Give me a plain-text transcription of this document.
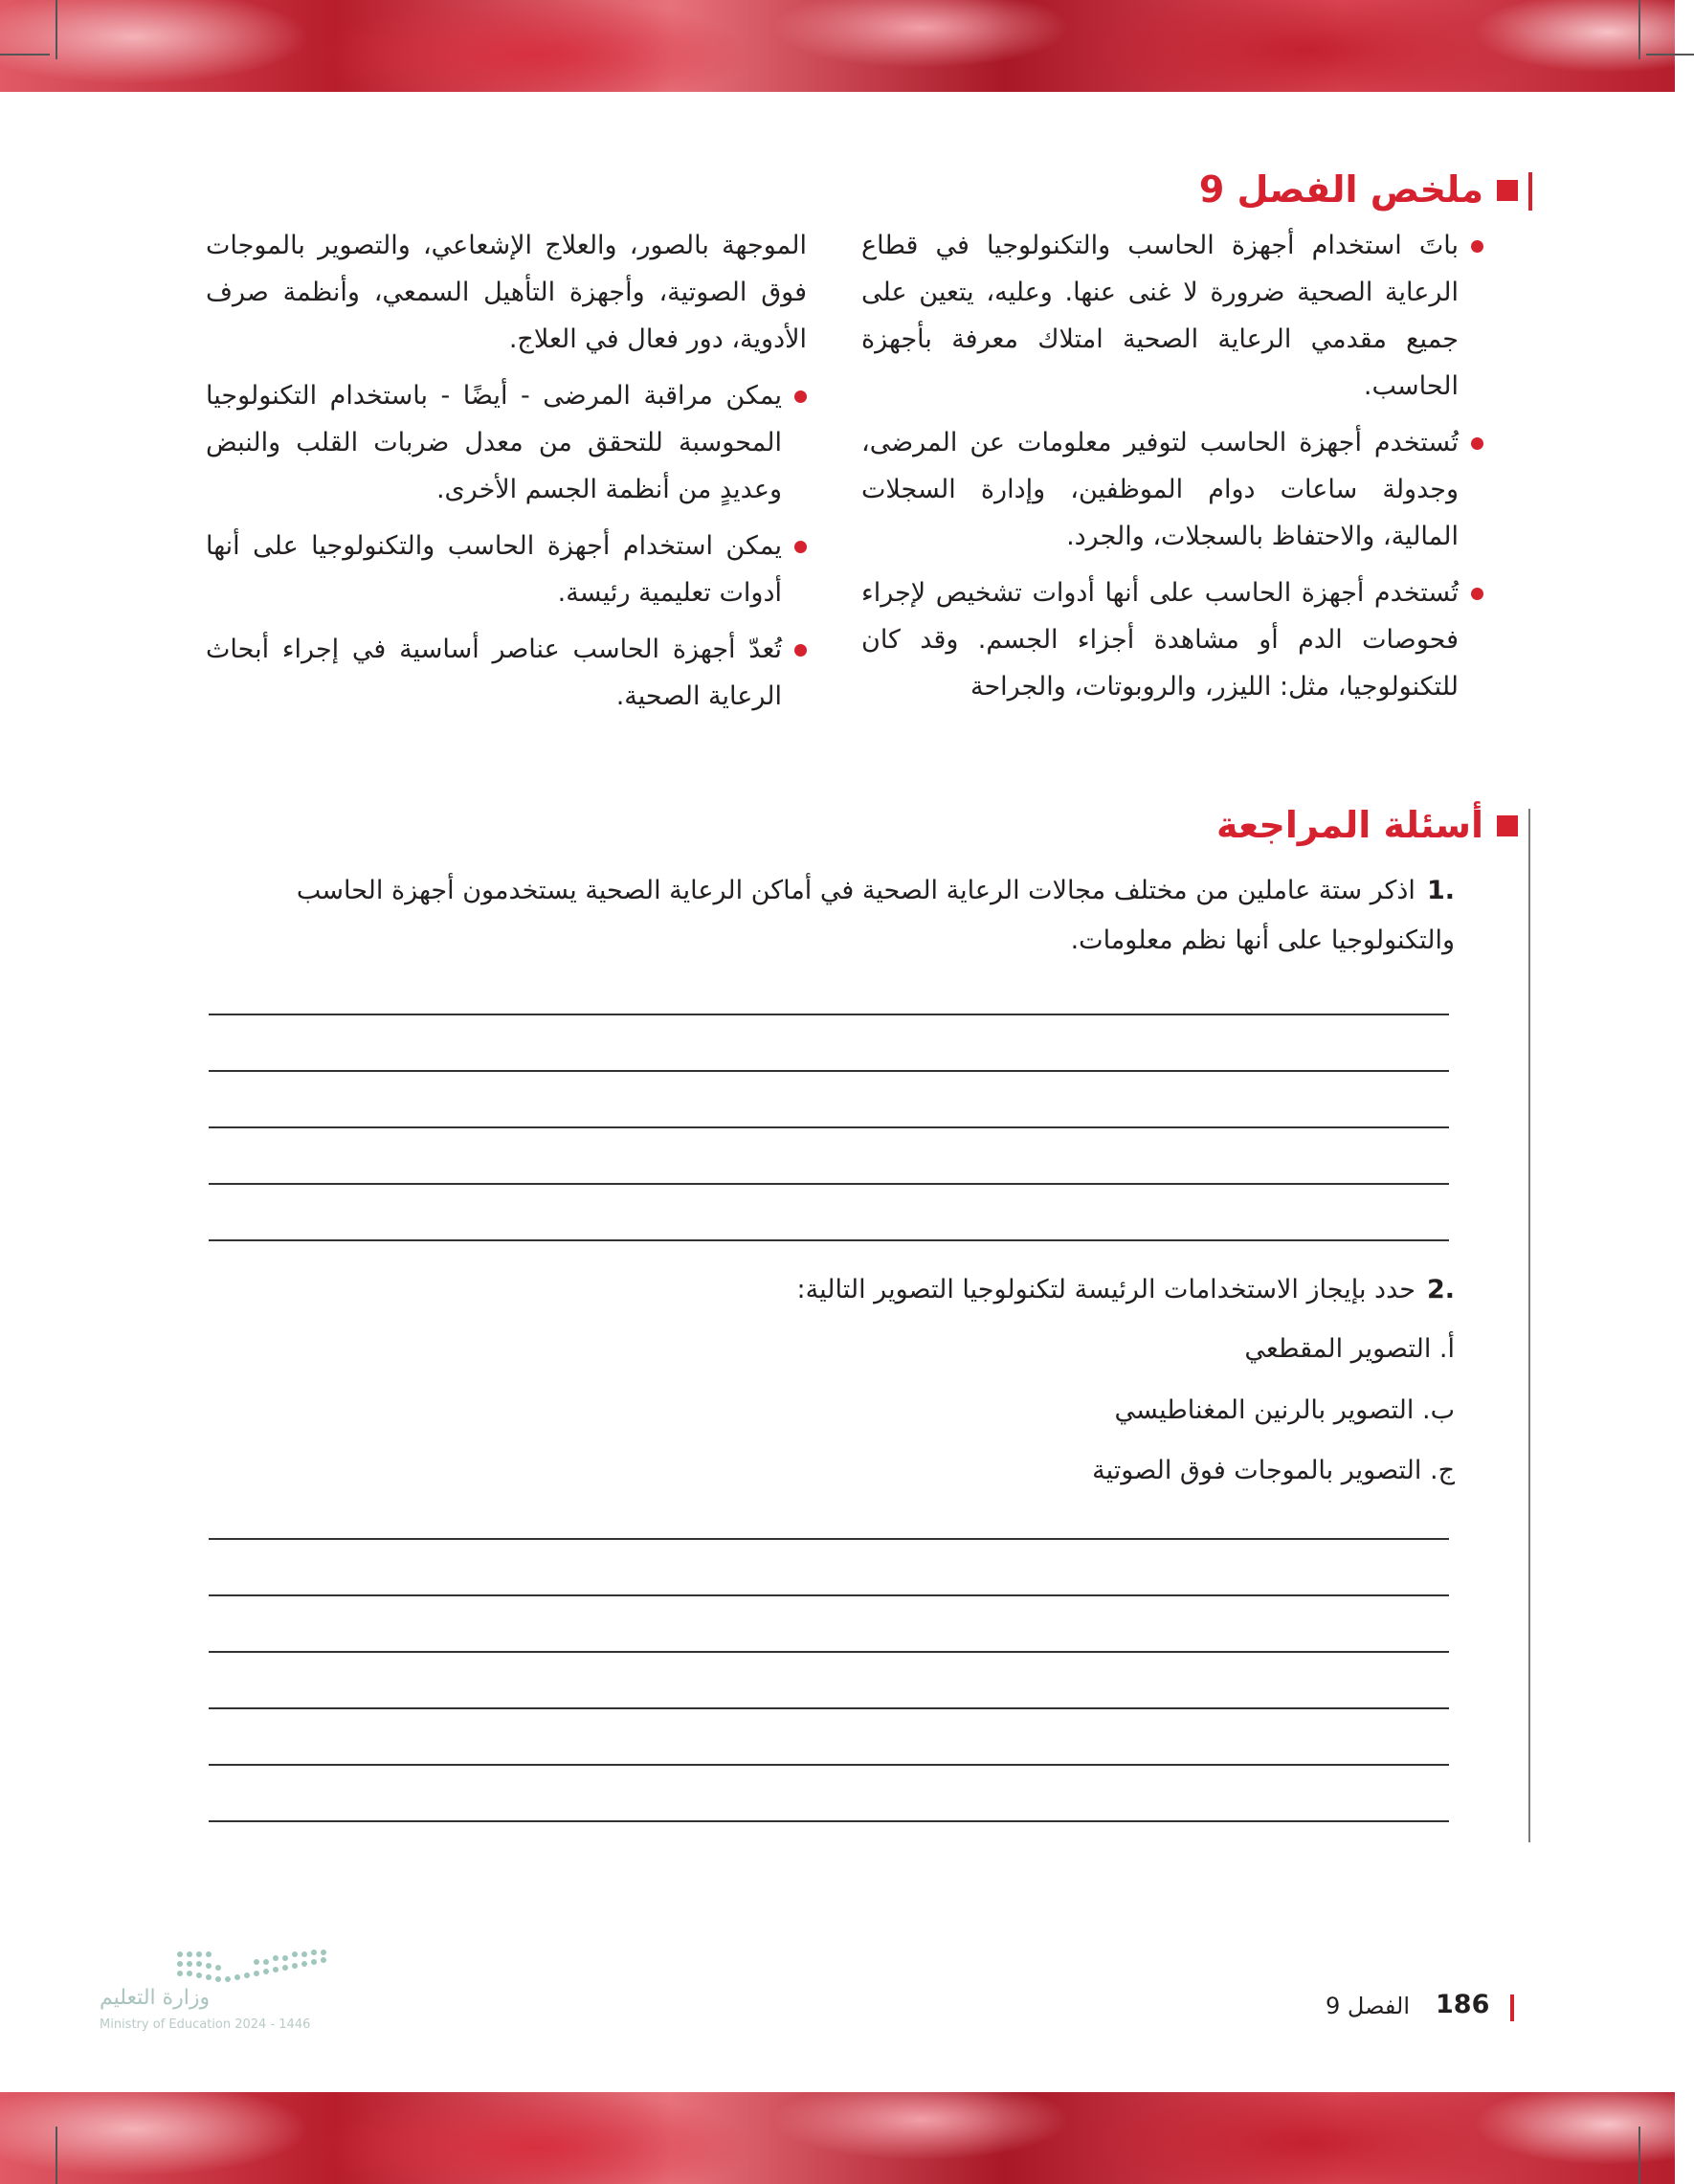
ملخص الفصل 9

باتَ استخدام أجهزة الحاسب والتكنولوجيا في قطاع الرعاية الصحية ضرورة لا غنى عنها. وعليه، يتعين على جميع مقدمي الرعاية الصحية امتلاك معرفة بأجهزة الحاسب.

تُستخدم أجهزة الحاسب لتوفير معلومات عن المرضى، وجدولة ساعات دوام الموظفين، وإدارة السجلات المالية، والاحتفاظ بالسجلات، والجرد.

تُستخدم أجهزة الحاسب على أنها أدوات تشخيص لإجراء فحوصات الدم أو مشاهدة أجزاء الجسم. وقد كان للتكنولوجيا، مثل: الليزر، والروبوتات، والجراحة

الموجهة بالصور، والعلاج الإشعاعي، والتصوير بالموجات فوق الصوتية، وأجهزة التأهيل السمعي، وأنظمة صرف الأدوية، دور فعال في العلاج.

يمكن مراقبة المرضى - أيضًا - باستخدام التكنولوجيا المحوسبة للتحقق من معدل ضربات القلب والنبض وعديدٍ من أنظمة الجسم الأخرى.

يمكن استخدام أجهزة الحاسب والتكنولوجيا على أنها أدوات تعليمية رئيسة.

تُعدّ أجهزة الحاسب عناصر أساسية في إجراء أبحاث الرعاية الصحية.

أسئلة المراجعة
.1اذكر ستة عاملين من مختلف مجالات الرعاية الصحية في أماكن الرعاية الصحية يستخدمون أجهزة الحاسب والتكنولوجيا على أنها نظم معلومات.
.2حدد بإيجاز الاستخدامات الرئيسة لتكنولوجيا التصوير التالية:
أ. التصوير المقطعي
ب. التصوير بالرنين المغناطيسي
ج. التصوير بالموجات فوق الصوتية
186
الفصل 9
وزارة التعليم
Ministry of Education 2024 - 1446
